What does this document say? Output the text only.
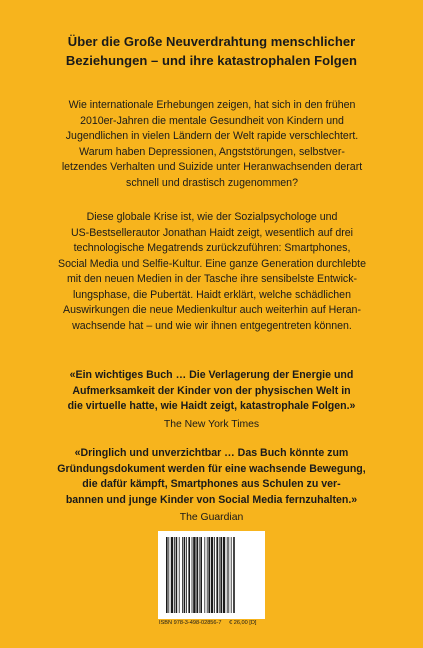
Über die Große Neuverdrahtung menschlicher
Beziehungen – und ihre katastrophalen Folgen

Wie internationale Erhebungen zeigen, hat sich in den frühen
2010er-Jahren die mentale Gesundheit von Kindern und
Jugendlichen in vielen Ländern der Welt rapide verschlechtert.
Warum haben Depressionen, Angststörungen, selbstver-
letzendes Verhalten und Suizide unter Heranwachsenden derart
schnell und drastisch zugenommen?

Diese globale Krise ist, wie der Sozialpsychologe und
US-Bestsellerautor Jonathan Haidt zeigt, wesentlich auf drei
technologische Megatrends zurückzuführen: Smartphones,
Social Media und Selfie-Kultur. Eine ganze Generation durchlebte
mit den neuen Medien in der Tasche ihre sensibelste Entwick-
lungsphase, die Pubertät. Haidt erklärt, welche schädlichen
Auswirkungen die neue Medienkultur auch weiterhin auf Heran-
wachsende hat – und wie wir ihnen entgegentreten können.

«Ein wichtiges Buch … Die Verlagerung der Energie und
Aufmerksamkeit der Kinder von der physischen Welt in
die virtuelle hatte, wie Haidt zeigt, katastrophale Folgen.»

The New York Times

«Dringlich und unverzichtbar … Das Buch könnte zum
Gründungsdokument werden für eine wachsende Bewegung,
die dafür kämpft, Smartphones aus Schulen zu ver-
bannen und junge Kinder von Social Media fernzuhalten.»

The Guardian

ISBN 978-3-498-02856-7 € 26,00 [D]
